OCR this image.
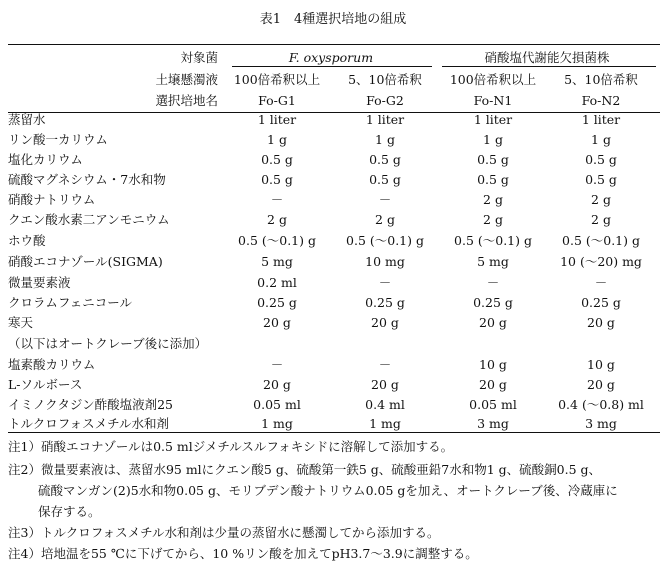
表1　4種選択培地の組成
対象菌	F. oxysporum	硝酸塩代謝能欠損菌株
土壌懸濁液	100倍希釈以上	5、10倍希釈	100倍希釈以上	5、10倍希釈
選択培地名	Fo-G1	Fo-G2	Fo-N1	Fo-N2
蒸留水	1 liter	1 liter	1 liter	1 liter
リン酸一カリウム	1 g	1 g	1 g	1 g
塩化カリウム	0.5 g	0.5 g	0.5 g	0.5 g
硫酸マグネシウム・7水和物	0.5 g	0.5 g	0.5 g	0.5 g
硝酸ナトリウム	－	－	2 g	2 g
クエン酸水素二アンモニウム	2 g	2 g	2 g	2 g
ホウ酸	0.5 (～0.1) g	0.5 (～0.1) g	0.5 (～0.1) g	0.5 (～0.1) g
硝酸エコナゾール(SIGMA)	5 mg	10 mg	5 mg	10 (～20) mg
微量要素液	0.2 ml	－	－	－
クロラムフェニコール	0.25 g	0.25 g	0.25 g	0.25 g
寒天	20 g	20 g	20 g	20 g
（以下はオートクレーブ後に添加）
塩素酸カリウム	－	－	10 g	10 g
L-ソルボース	20 g	20 g	20 g	20 g
イミノクタジン酢酸塩液剤25	0.05 ml	0.4 ml	0.05 ml	0.4 (～0.8) ml
トルクロフォスメチル水和剤	1 mg	1 mg	3 mg	3 mg
注1）硝酸エコナゾールは0.5 mlジメチルスルフォキシドに溶解して添加する。
注2）微量要素液は、蒸留水95 mlにクエン酸5 g、硫酸第一鉄5 g、硫酸亜鉛7水和物1 g、硫酸銅0.5 g、
硫酸マンガン(2)5水和物0.05 g、モリブデン酸ナトリウム0.05 gを加え、オートクレーブ後、冷蔵庫に
保存する。
注3）トルクロフォスメチル水和剤は少量の蒸留水に懸濁してから添加する。
注4）培地温を55 ℃に下げてから、10 %リン酸を加えてpH3.7～3.9に調整する。
